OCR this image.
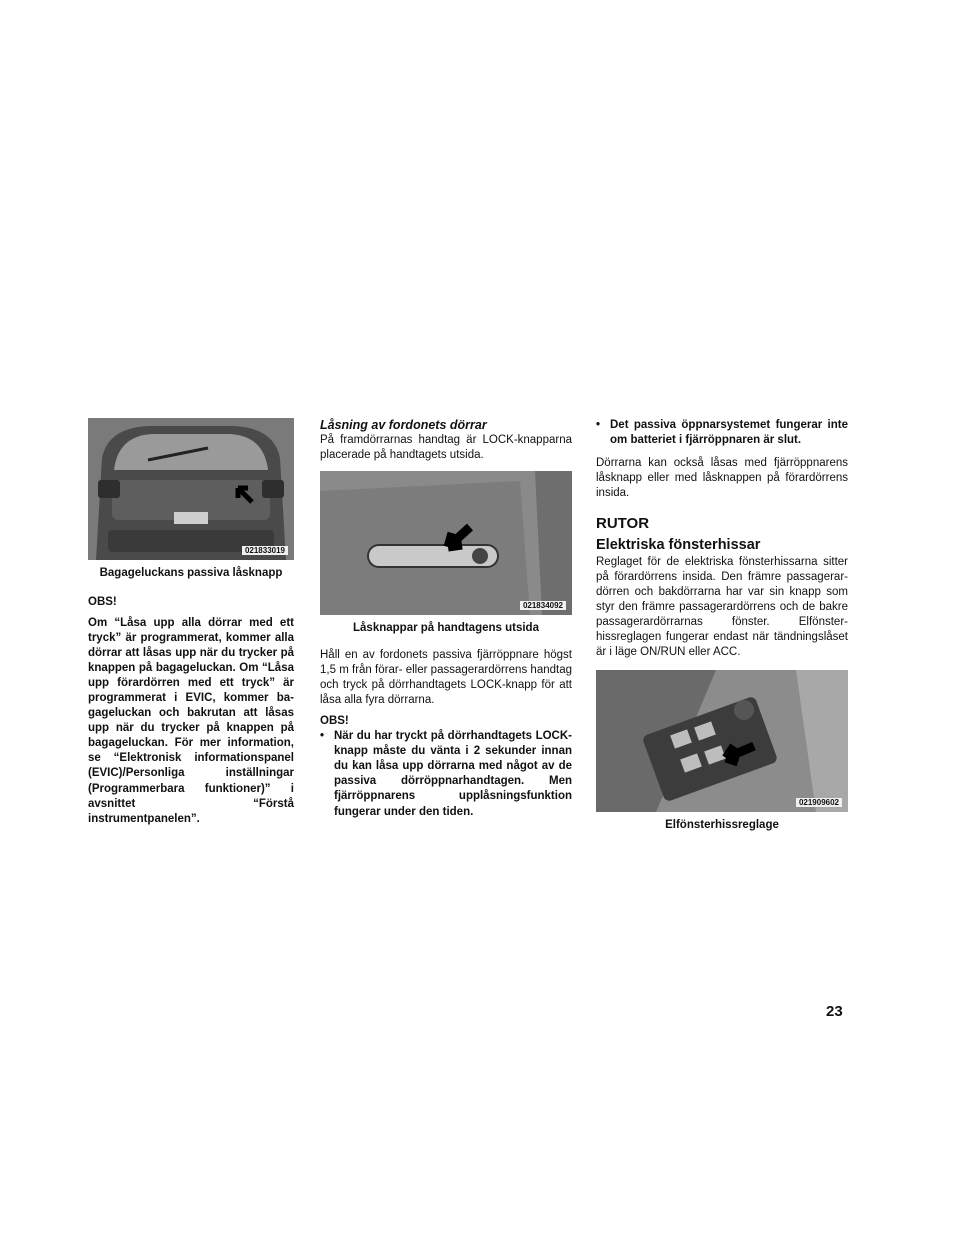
021833019
Bagageluckans passiva låsknapp
OBS!

Om “Låsa upp alla dörrar med ett tryck” är programmerat, kommer alla dörrar att låsas upp när du trycker på knappen på bagageluckan. Om “Låsa upp förardörren med ett tryck” är programmerat i EVIC, kommer bagageluckan och bakrutan att låsas upp när du trycker på knappen på bagageluckan. För mer information, se “Elektronisk informationspanel (EVIC)/Personliga inställningar (Programmerbara funktioner)” i avsnittet “Förstå instrumentpanelen”.

Låsning av fordonets dörrar

På framdörrarnas handtag är LOCK-knapparna placerade på handtagets utsida.

021834092
Låsknappar på handtagens utsida

Håll en av fordonets passiva fjärröppnare högst 1,5 m från förar- eller passagerardörrens handtag och tryck på dörrhandtagets LOCK-knapp för att låsa alla fyra dörrarna.

OBS!
• När du har tryckt på dörrhandtagets LOCK-knapp måste du vänta i 2 sekunder innan du kan låsa upp dörrarna med något av de passiva dörröppnarhandtagen. Men fjärröppnarens upplåsningsfunktion fungerar under den tiden.
• Det passiva öppnarsystemet fungerar inte om batteriet i fjärröppnaren är slut.

Dörrarna kan också låsas med fjärröppnarens låsknapp eller med låsknappen på förardörrens insida.

RUTOR
Elektriska fönsterhissar

Reglaget för de elektriska fönsterhissarna sitter på förardörrens insida. Den främre passagerardörren och bakdörrarna har var sin knapp som styr den främre passagerardörrens och de bakre passagerardörrarnas fönster. Elfönsterhissreglagen fungerar endast när tändningslåset är i läge ON/RUN eller ACC.

021909602
Elfönsterhissreglage
23
